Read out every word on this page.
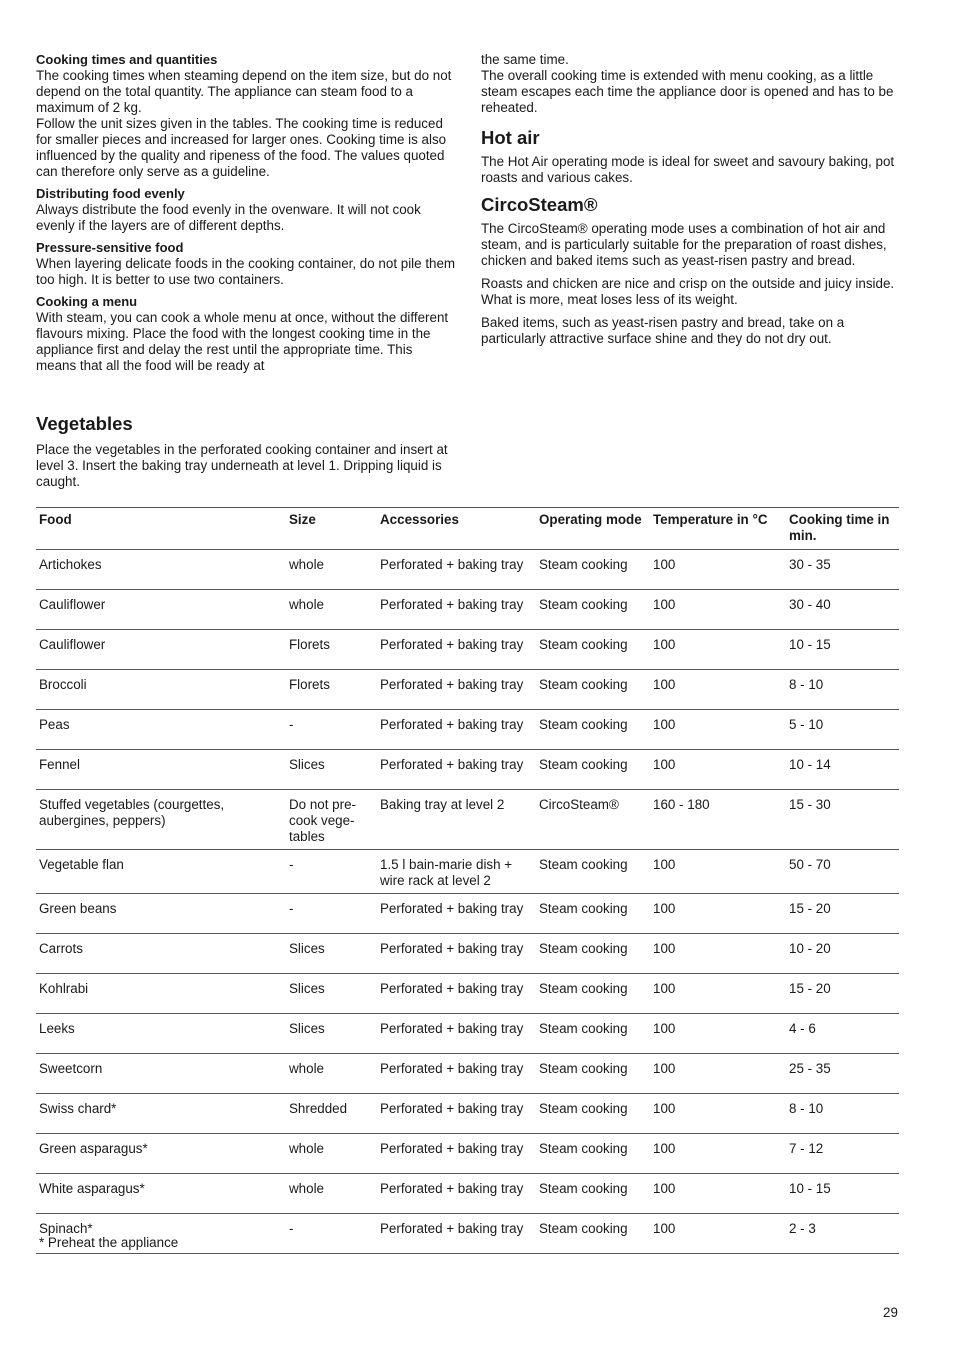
Cooking times and quantities

The cooking times when steaming depend on the item size, but do not depend on the total quantity. The appliance can steam food to a maximum of 2 kg.

Follow the unit sizes given in the tables. The cooking time is reduced for smaller pieces and increased for larger ones. Cooking time is also influenced by the quality and ripeness of the food. The values quoted can therefore only serve as a guideline.

Distributing food evenly

Always distribute the food evenly in the ovenware. It will not cook evenly if the layers are of different depths.

Pressure-sensitive food

When layering delicate foods in the cooking container, do not pile them too high. It is better to use two containers.

Cooking a menu

With steam, you can cook a whole menu at once, without the different flavours mixing. Place the food with the longest cooking time in the appliance first and delay the rest until the appropriate time. This means that all the food will be ready at

the same time.
The overall cooking time is extended with menu cooking, as a little steam escapes each time the appliance door is opened and has to be reheated.
Hot air

The Hot Air operating mode is ideal for sweet and savoury baking, pot roasts and various cakes.

CircoSteam®

The CircoSteam® operating mode uses a combination of hot air and steam, and is particularly suitable for the preparation of roast dishes, chicken and baked items such as yeast-risen pastry and bread.

Roasts and chicken are nice and crisp on the outside and juicy inside. What is more, meat loses less of its weight.

Baked items, such as yeast-risen pastry and bread, take on a particularly attractive surface shine and they do not dry out.

Vegetables

Place the vegetables in the perforated cooking container and insert at level 3. Insert the baking tray underneath at level 1. Dripping liquid is caught.

Food	Size	Accessories	Operating mode	Temperature in °C	Cooking time in min.
Artichokes	whole	Perforated + baking tray	Steam cooking	100	30 - 35
Cauliflower	whole	Perforated + baking tray	Steam cooking	100	30 - 40
Cauliflower	Florets	Perforated + baking tray	Steam cooking	100	10 - 15
Broccoli	Florets	Perforated + baking tray	Steam cooking	100	8 - 10
Peas	-	Perforated + baking tray	Steam cooking	100	5 - 10
Fennel	Slices	Perforated + baking tray	Steam cooking	100	10 - 14
Stuffed vegetables (courgettes, aubergines, peppers)	Do not pre-cook vege-tables	Baking tray at level 2	CircoSteam®	160 - 180	15 - 30
Vegetable flan	-	1.5 l bain-marie dish + wire rack at level 2	Steam cooking	100	50 - 70
Green beans	-	Perforated + baking tray	Steam cooking	100	15 - 20
Carrots	Slices	Perforated + baking tray	Steam cooking	100	10 - 20
Kohlrabi	Slices	Perforated + baking tray	Steam cooking	100	15 - 20
Leeks	Slices	Perforated + baking tray	Steam cooking	100	4 - 6
Sweetcorn	whole	Perforated + baking tray	Steam cooking	100	25 - 35
Swiss chard*	Shredded	Perforated + baking tray	Steam cooking	100	8 - 10
Green asparagus*	whole	Perforated + baking tray	Steam cooking	100	7 - 12
White asparagus*	whole	Perforated + baking tray	Steam cooking	100	10 - 15
Spinach*	-	Perforated + baking tray	Steam cooking	100	2 - 3
* Preheat the appliance
29
